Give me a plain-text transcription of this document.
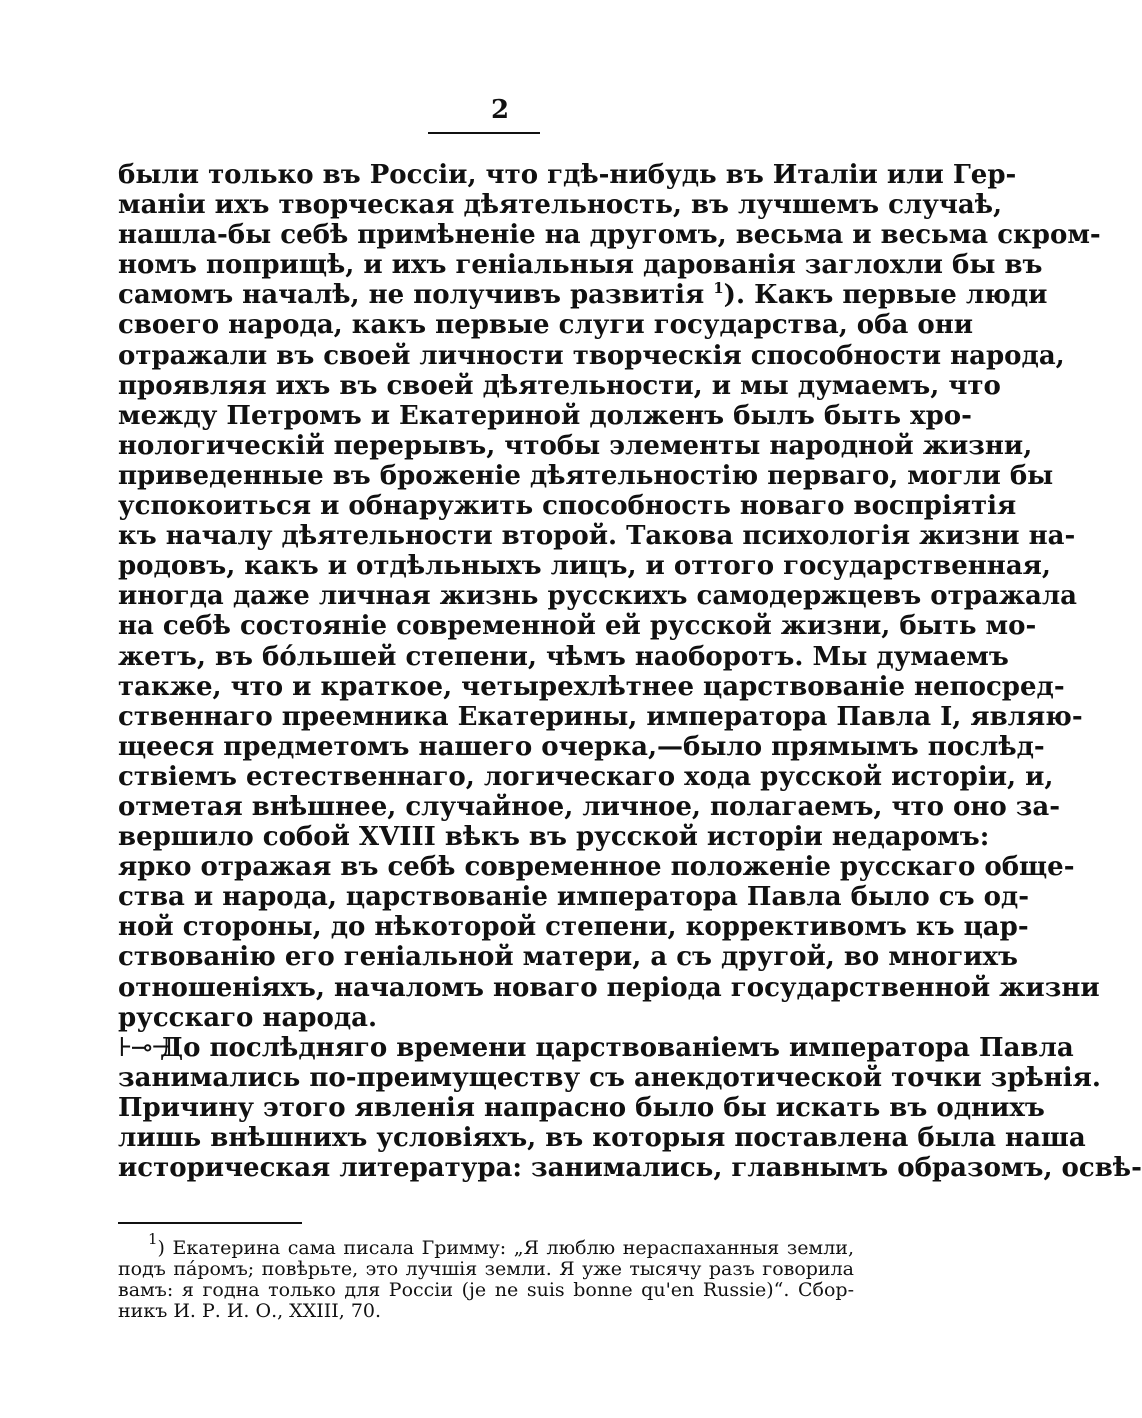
2
были только въ Россіи, что гдѣ-нибудь въ Италіи или Гер-
маніи ихъ творческая дѣятельность, въ лучшемъ случаѣ,
нашла-бы себѣ примѣненіе на другомъ, весьма и весьма скром-
номъ поприщѣ, и ихъ геніальныя дарованія заглохли бы въ
самомъ началѣ, не получивъ развитія $^1$). Какъ первые люди
своего народа, какъ первые слуги государства, оба они
отражали въ своей личности творческія способности народа,
проявляя ихъ въ своей дѣятельности, и мы думаемъ, что
между Петромъ и Екатериной долженъ былъ быть хро-
нологическій перерывъ, чтобы элементы народной жизни,
приведенные въ броженіе дѣятельностію перваго, могли бы
успокоиться и обнаружить способность новаго воспріятія
къ началу дѣятельности второй. Такова психологія жизни на-
родовъ, какъ и отдѣльныхъ лицъ, и оттого государственная,
иногда даже личная жизнь русскихъ самодержцевъ отражала
на себѣ состояніе современной ей русской жизни, быть мо-
жетъ, въ бóльшей степени, чѣмъ наоборотъ. Мы думаемъ
также, что и краткое, четырехлѣтнее царствованіе непосред-
ственнаго преемника Екатерины, императора Павла I, являю-
щееся предметомъ нашего очерка,—было прямымъ послѣд-
ствіемъ естественнаго, логическаго хода русской исторіи, и,
отметая внѣшнее, случайное, личное, полагаемъ, что оно за-
вершило собой XVIII вѣкъ въ русской исторіи недаромъ:
ярко отражая въ себѣ современное положеніе русскаго обще-
ства и народа, царствованіе императора Павла было съ од-
ной стороны, до нѣкоторой степени, коррективомъ къ цар-
ствованію его геніальной матери, а съ другой, во многихъ
отношеніяхъ, началомъ новаго періода государственной жизни
русскаго народа.
⊦⊸⊣До послѣдняго времени царствованіемъ императора Павла
занимались по-преимуществу съ анекдотической точки зрѣнія.
Причину этого явленія напрасно было бы искать въ однихъ
лишь внѣшнихъ условіяхъ, въ которыя поставлена была наша
историческая литература: занимались, главнымъ образомъ, освѣ-
$^1$) Екатерина сама писала Гримму: „Я люблю нераспаханныя земли,
подъ пáромъ; повѣрьте, это лучшія земли. Я уже тысячу разъ говорила
вамъ: я годна только для Россіи (je ne suis bonne qu'en Russie)“. Сбор-
никъ И. Р. И. О., XXIII, 70.
